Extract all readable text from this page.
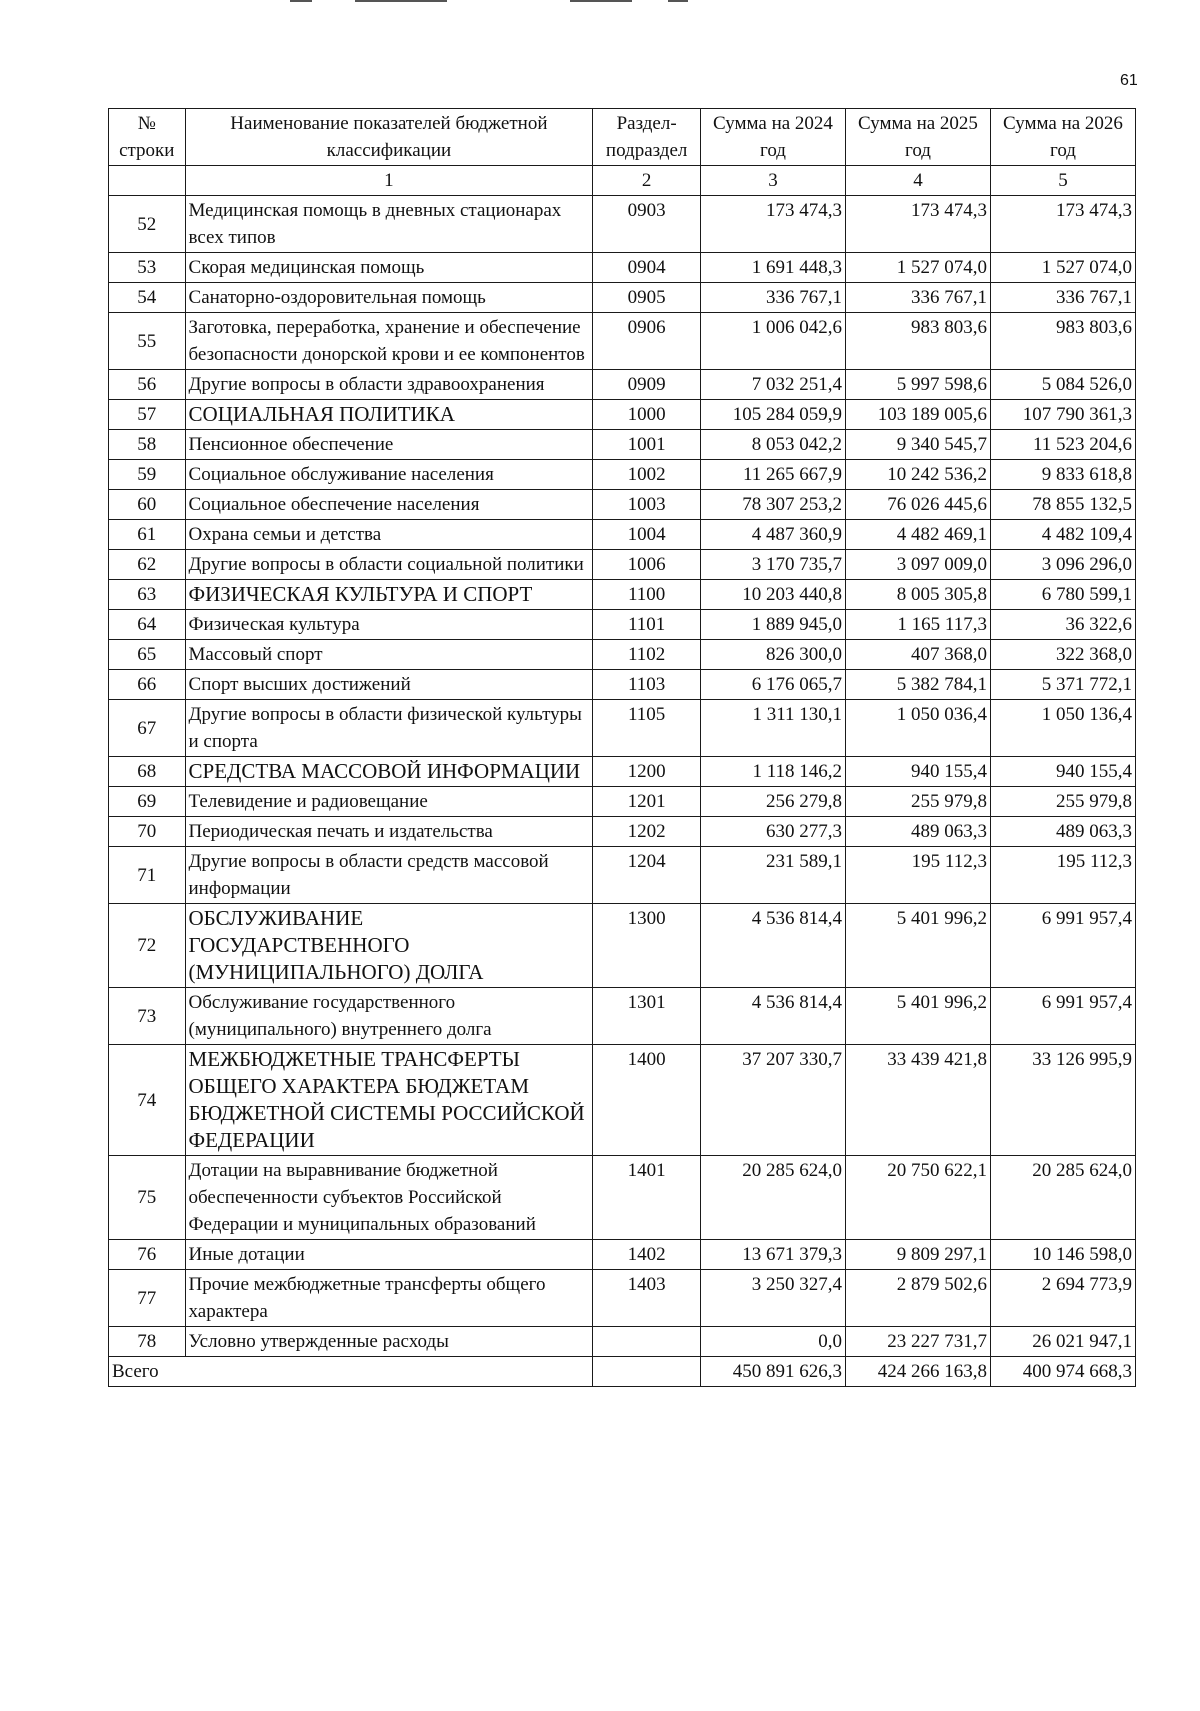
61
№ строки	Наименование показателей бюджетной классификации	Раздел-подраздел	Сумма на 2024 год	Сумма на 2025 год	Сумма на 2026 год
	1	2	3	4	5
52	Медицинская помощь в дневных стационарах всех типов	0903	173 474,3	173 474,3	173 474,3
53	Скорая медицинская помощь	0904	1 691 448,3	1 527 074,0	1 527 074,0
54	Санаторно-оздоровительная помощь	0905	336 767,1	336 767,1	336 767,1
55	Заготовка, переработка, хранение и обеспечение безопасности донорской крови и ее компонентов	0906	1 006 042,6	983 803,6	983 803,6
56	Другие вопросы в области здравоохранения	0909	7 032 251,4	5 997 598,6	5 084 526,0
57	СОЦИАЛЬНАЯ ПОЛИТИКА	1000	105 284 059,9	103 189 005,6	107 790 361,3
58	Пенсионное обеспечение	1001	8 053 042,2	9 340 545,7	11 523 204,6
59	Социальное обслуживание населения	1002	11 265 667,9	10 242 536,2	9 833 618,8
60	Социальное обеспечение населения	1003	78 307 253,2	76 026 445,6	78 855 132,5
61	Охрана семьи и детства	1004	4 487 360,9	4 482 469,1	4 482 109,4
62	Другие вопросы в области социальной политики	1006	3 170 735,7	3 097 009,0	3 096 296,0
63	ФИЗИЧЕСКАЯ КУЛЬТУРА И СПОРТ	1100	10 203 440,8	8 005 305,8	6 780 599,1
64	Физическая культура	1101	1 889 945,0	1 165 117,3	36 322,6
65	Массовый спорт	1102	826 300,0	407 368,0	322 368,0
66	Спорт высших достижений	1103	6 176 065,7	5 382 784,1	5 371 772,1
67	Другие вопросы в области физической культуры и спорта	1105	1 311 130,1	1 050 036,4	1 050 136,4
68	СРЕДСТВА МАССОВОЙ ИНФОРМАЦИИ	1200	1 118 146,2	940 155,4	940 155,4
69	Телевидение и радиовещание	1201	256 279,8	255 979,8	255 979,8
70	Периодическая печать и издательства	1202	630 277,3	489 063,3	489 063,3
71	Другие вопросы в области средств массовой информации	1204	231 589,1	195 112,3	195 112,3
72	ОБСЛУЖИВАНИЕ ГОСУДАРСТВЕННОГО (МУНИЦИПАЛЬНОГО) ДОЛГА	1300	4 536 814,4	5 401 996,2	6 991 957,4
73	Обслуживание государственного (муниципального) внутреннего долга	1301	4 536 814,4	5 401 996,2	6 991 957,4
74	МЕЖБЮДЖЕТНЫЕ ТРАНСФЕРТЫ ОБЩЕГО ХАРАКТЕРА БЮДЖЕТАМ БЮДЖЕТНОЙ СИСТЕМЫ РОССИЙСКОЙ ФЕДЕРАЦИИ	1400	37 207 330,7	33 439 421,8	33 126 995,9
75	Дотации на выравнивание бюджетной обеспеченности субъектов Российской Федерации и муниципальных образований	1401	20 285 624,0	20 750 622,1	20 285 624,0
76	Иные дотации	1402	13 671 379,3	9 809 297,1	10 146 598,0
77	Прочие межбюджетные трансферты общего характера	1403	3 250 327,4	2 879 502,6	2 694 773,9
78	Условно утвержденные расходы		0,0	23 227 731,7	26 021 947,1
Всего			450 891 626,3	424 266 163,8	400 974 668,3
